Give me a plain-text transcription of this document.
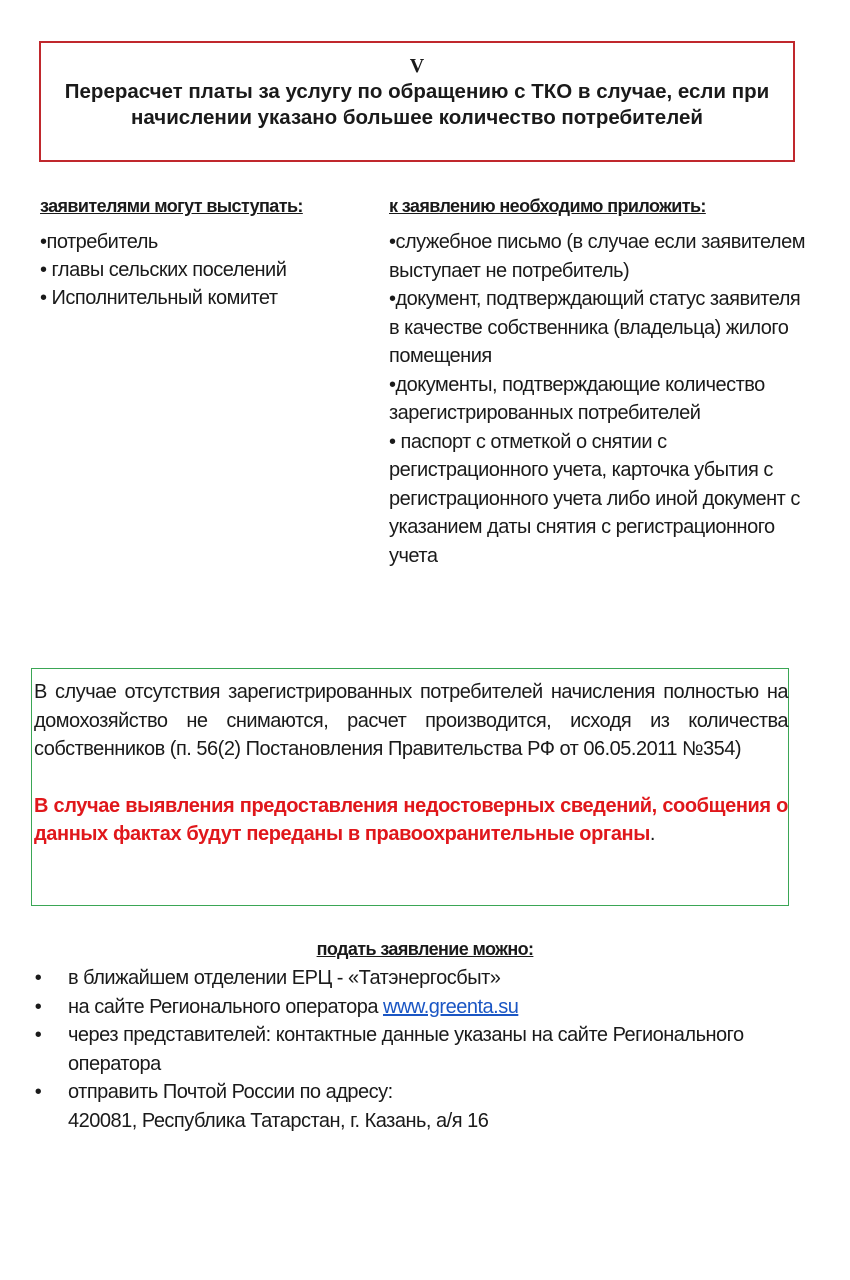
V
Перерасчет платы за услугу по обращению с ТКО в случае, если при начислении указано большее количество потребителей
заявителями могут выступать:
•потребитель
• главы сельских поселений
• Исполнительный комитет
к заявлению необходимо приложить:
•служебное письмо (в случае если заявителем выступает не потребитель)
•документ, подтверждающий статус заявителя в качестве собственника (владельца) жилого помещения
•документы, подтверждающие количество зарегистрированных потребителей
• паспорт с отметкой о снятии с регистрационного учета, карточка убытия с регистрационного учета либо иной документ с указанием даты снятия с регистрационного учета

В случае отсутствия зарегистрированных потребителей начисления полностью на домохозяйство не снимаются, расчет производится, исходя из количества собственников (п. 56(2) Постановления Правительства РФ от 06.05.2011 №354)

В случае выявления предоставления недостоверных сведений, сообщения о данных фактах будут переданы в правоохранительные органы.

подать заявление можно:
• в ближайшем отделении ЕРЦ - «Татэнергосбыт»
• на сайте Регионального оператора www.greenta.su
• через представителей: контактные данные указаны на сайте Регионального оператора
• отправить Почтой России по адресу:
420081, Республика Татарстан, г. Казань, а/я 16
